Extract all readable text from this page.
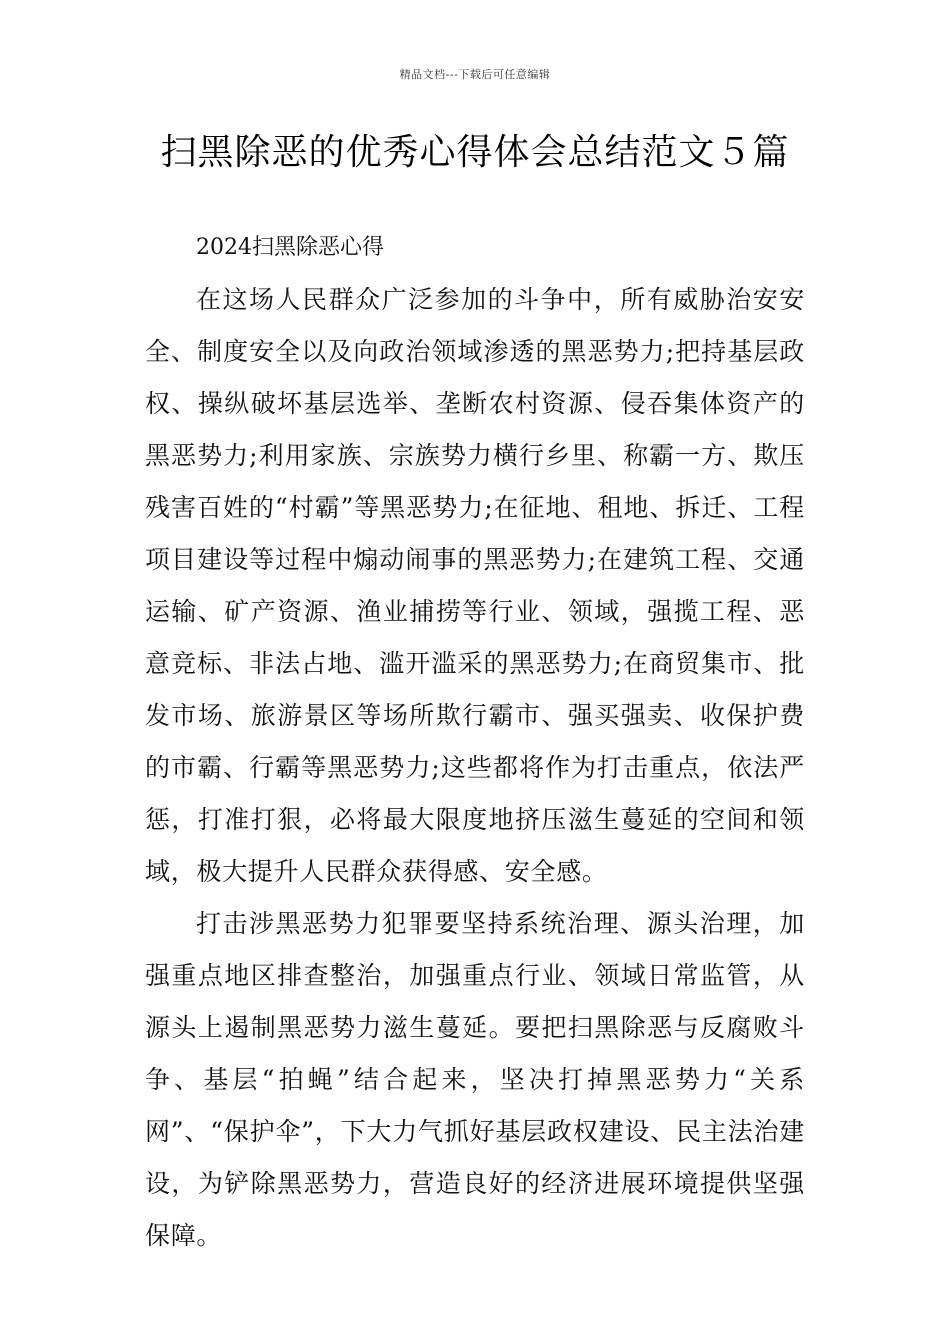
精品文档---下载后可任意编辑
扫黑除恶的优秀心得体会总结范文５篇

2024扫黑除恶心得

在这场人民群众广泛参加的斗争中，所有威胁治安安全、制度安全以及向政治领域渗透的黑恶势力;把持基层政权、操纵破坏基层选举、垄断农村资源、侵吞集体资产的黑恶势力;利用家族、宗族势力横行乡里、称霸一方、欺压残害百姓的“村霸”等黑恶势力;在征地、租地、拆迁、工程项目建设等过程中煽动闹事的黑恶势力;在建筑工程、交通运输、矿产资源、渔业捕捞等行业、领域，强揽工程、恶意竞标、非法占地、滥开滥采的黑恶势力;在商贸集市、批发市场、旅游景区等场所欺行霸市、强买强卖、收保护费的市霸、行霸等黑恶势力;这些都将作为打击重点，依法严惩，打准打狠，必将最大限度地挤压滋生蔓延的空间和领域，极大提升人民群众获得感、安全感。

打击涉黑恶势力犯罪要坚持系统治理、源头治理，加强重点地区排查整治，加强重点行业、领域日常监管，从源头上遏制黑恶势力滋生蔓延。要把扫黑除恶与反腐败斗争、基层“拍蝇”结合起来，坚决打掉黑恶势力“关系网”、“保护伞”，下大力气抓好基层政权建设、民主法治建设，为铲除黑恶势力，营造良好的经济进展环境提供坚强保障。
